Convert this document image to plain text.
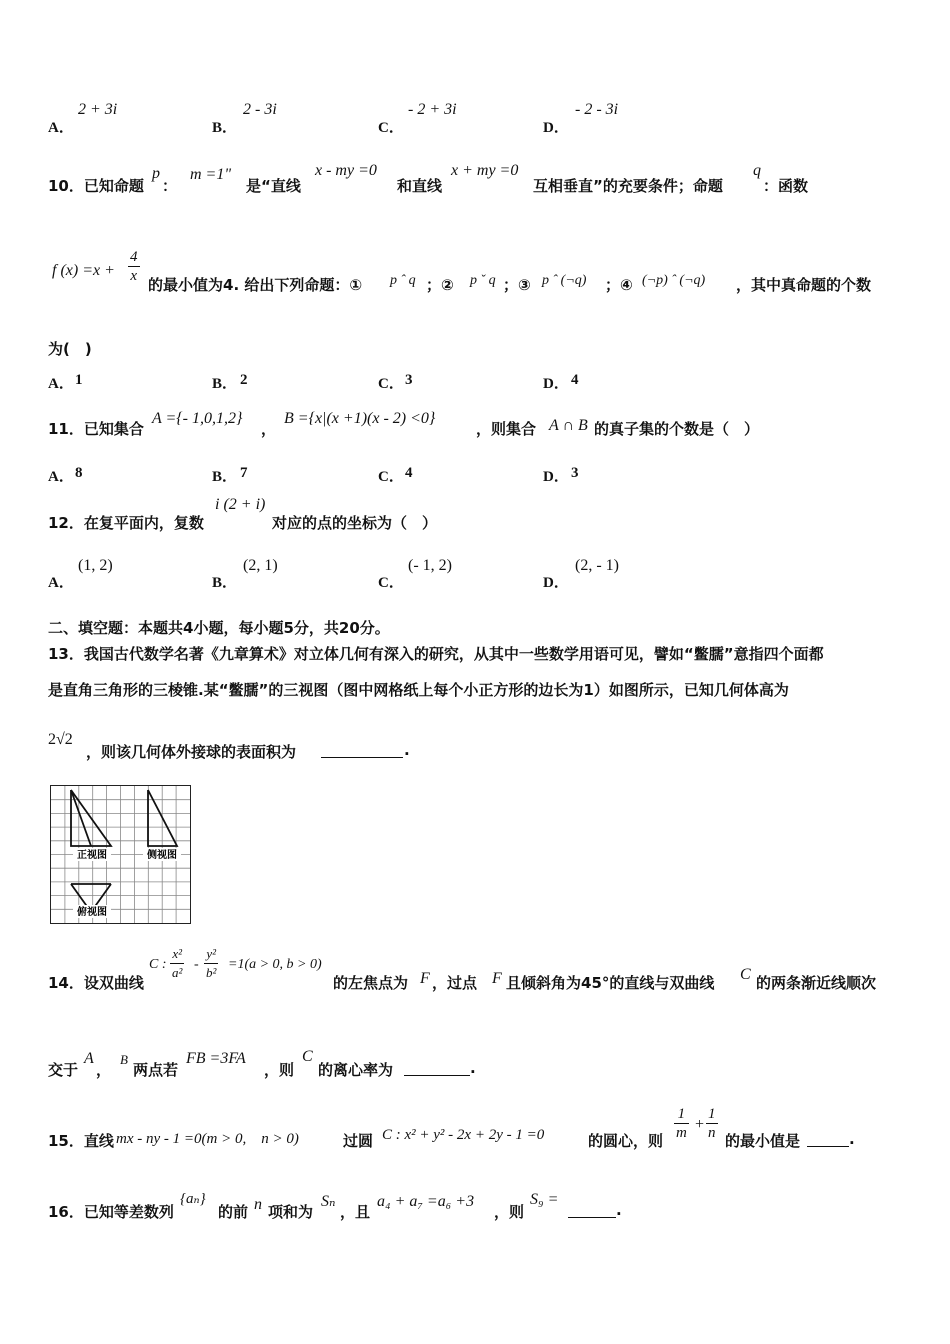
A．
2 + 3i
B．
2 - 3i
C．
- 2 + 3i
D．
- 2 - 3i
10．已知命题
p
：
m =1"
是“直线
x - my =0
和直线
x + my =0
互相垂直”的充要条件；命题
q
：函数
f $(x) =x + \frac{4}{x}$ 的最小值为4. 给出下列命题：① p ˆ q ；② p ˇ q ；③ p ˆ (¬q) ；④ (¬p) ˆ (¬q) ，其中真命题的个数
为(　)
A． 1	B． 2	C． 3	D． 4
11．已知集合
A ={- 1,0,1,2}
，
B ={x|(x +1)(x - 2) <0}
，则集合 A ∩ B 的真子集的个数是（　）
A． 8	B． 7	C． 4	D． 3
12．在复平面内，复数
i (2 + i)
对应的点的坐标为（　）
A．
(1, 2)
B．
(2, 1)
C．
(- 1, 2)
D．
(2, - 1)
二、填空题：本题共4小题，每小题5分，共20分。
13．我国古代数学名著《九章算术》对立体几何有深入的研究，从其中一些数学用语可见，譬如“鳖臑”意指四个面都
是直角三角形的三棱锥.某“鳖臑”的三视图（图中网格纸上每个小正方形的边长为1）如图所示，已知几何体高为
2√2
，则该几何体外接球的表面积为	.
正视图	侧视图
俯视图
14．设双曲线
C : $\frac{\text{x²}}{\text{a²}} - \frac{\text{y²}}{\text{b²}} =1(a > 0$, b > 0)
的左焦点为 F ，过点 F 且倾斜角为45°的直线与双曲线 C 的两条渐近线顺次
交于
A
，
B
两点若
FB =3FA
，则
C
的离心率为	.
15．直线 mx - ny - 1 =0(m > 0,　n > 0)	过圆 C : x² + y² - 2x + 2y - 1 =0	的圆心，则 $\frac{1}{m} + \frac{1}{n}$ 的最小值是	.
16．已知等差数列
{aₙ}
的前 n 项和为
Sₙ
，且
a₄ + a₇ =a₆ +3
，则
S₉ =
.
